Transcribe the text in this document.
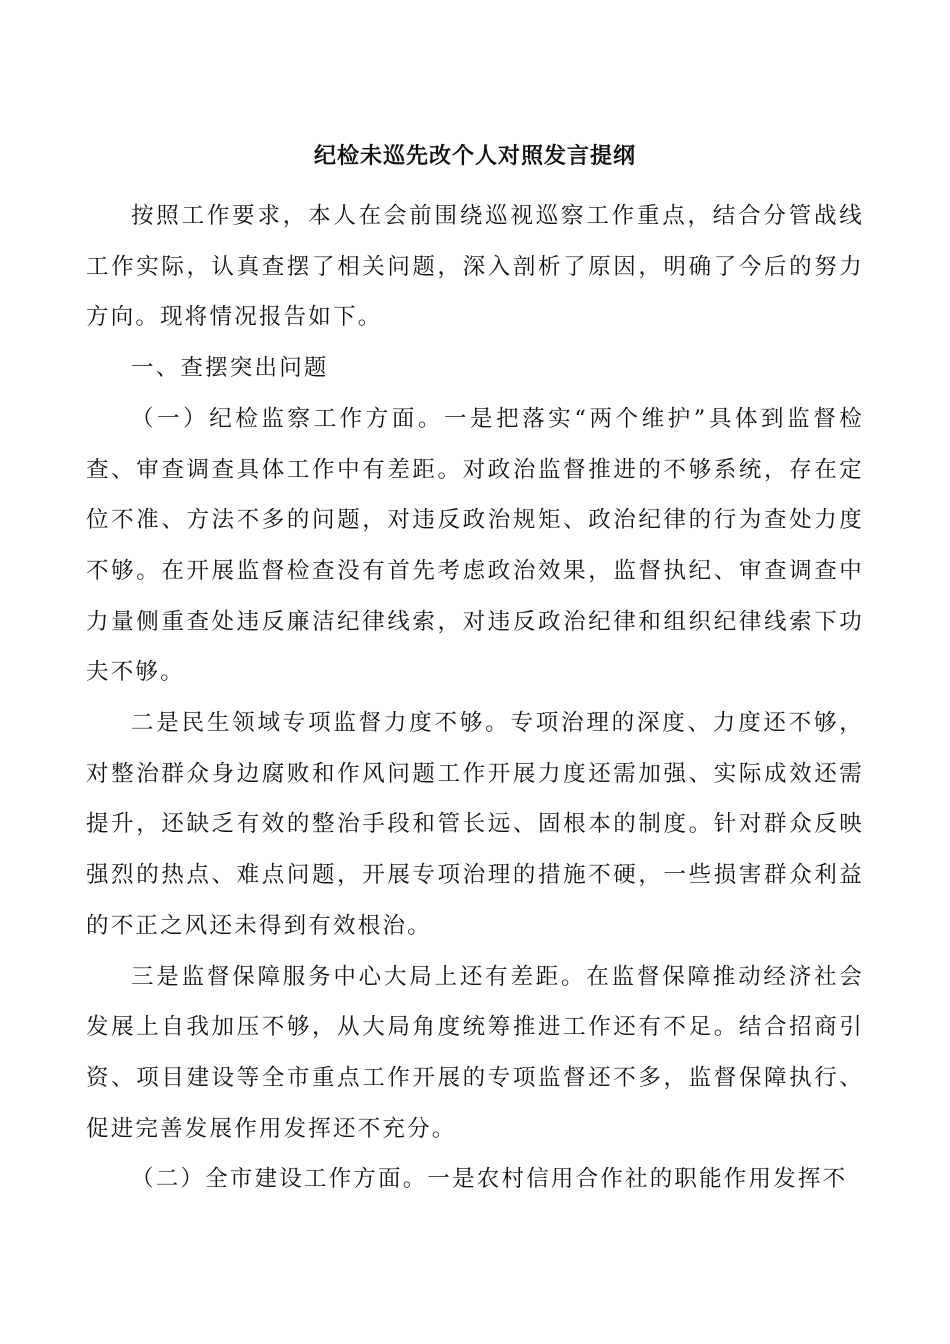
纪检未巡先改个人对照发言提纲

按照工作要求，本人在会前围绕巡视巡察工作重点，结合分管战线工作实际，认真查摆了相关问题，深入剖析了原因，明确了今后的努力方向。现将情况报告如下。

一、查摆突出问题

（一）纪检监察工作方面。一是把落实“两个维护”具体到监督检查、审查调查具体工作中有差距。对政治监督推进的不够系统，存在定位不准、方法不多的问题，对违反政治规矩、政治纪律的行为查处力度不够。在开展监督检查没有首先考虑政治效果，监督执纪、审查调查中力量侧重查处违反廉洁纪律线索，对违反政治纪律和组织纪律线索下功夫不够。

二是民生领域专项监督力度不够。专项治理的深度、力度还不够，对整治群众身边腐败和作风问题工作开展力度还需加强、实际成效还需提升，还缺乏有效的整治手段和管长远、固根本的制度。针对群众反映强烈的热点、难点问题，开展专项治理的措施不硬，一些损害群众利益的不正之风还未得到有效根治。

三是监督保障服务中心大局上还有差距。在监督保障推动经济社会发展上自我加压不够，从大局角度统筹推进工作还有不足。结合招商引资、项目建设等全市重点工作开展的专项监督还不多，监督保障执行、促进完善发展作用发挥还不充分。

（二）全市建设工作方面。一是农村信用合作社的职能作用发挥不
